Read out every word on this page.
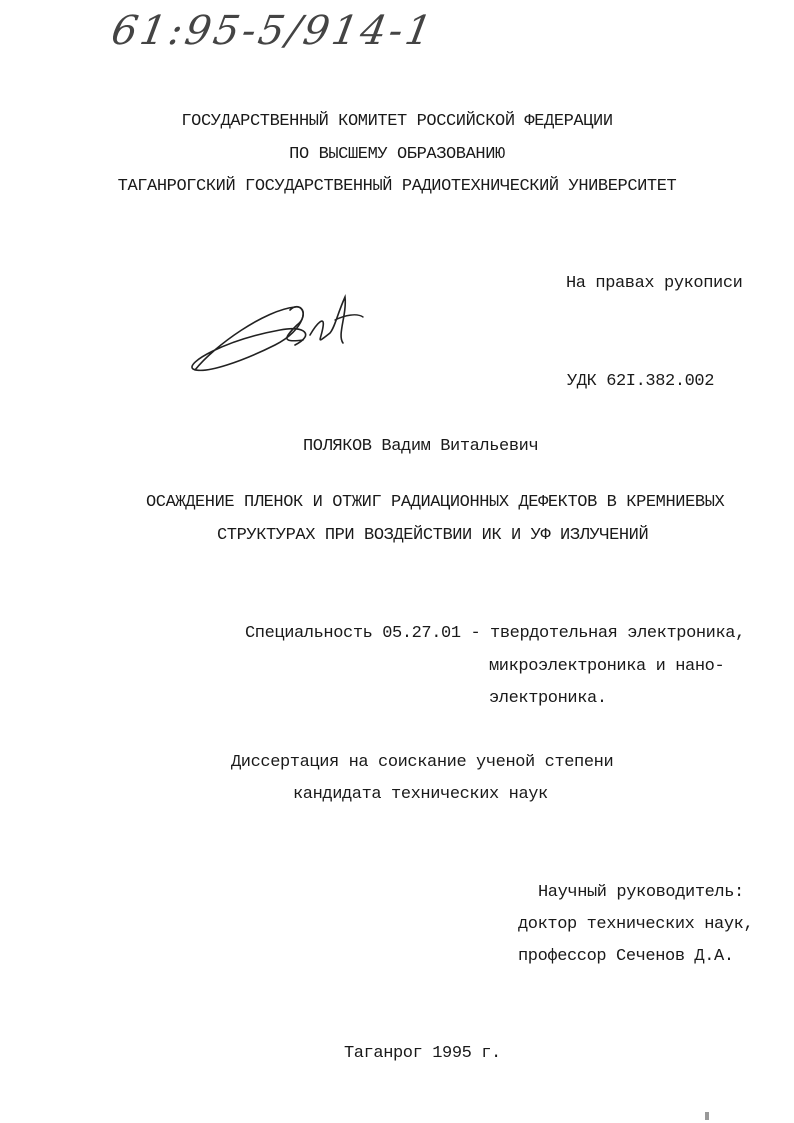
61:95-5/914-1
ГОСУДАРСТВЕННЫЙ КОМИТЕТ РОССИЙСКОЙ ФЕДЕРАЦИИ
ПО ВЫСШЕМУ ОБРАЗОВАНИЮ
ТАГАНРОГСКИЙ ГОСУДАРСТВЕННЫЙ РАДИОТЕХНИЧЕСКИЙ УНИВЕРСИТЕТ
На правах рукописи
УДК 62I.382.002
ПОЛЯКОВ Вадим Витальевич
ОСАЖДЕНИЕ ПЛЕНОК И ОТЖИГ РАДИАЦИОННЫХ ДЕФЕКТОВ В КРЕМНИЕВЫХ
СТРУКТУРАХ ПРИ ВОЗДЕЙСТВИИ ИК И УФ ИЗЛУЧЕНИЙ
Специальность 05.27.01 - твердотельная электроника,
микроэлектроника и нано-
электроника.
Диссертация на соискание ученой степени
кандидата технических наук
Научный руководитель:
доктор технических наук,
профессор Сеченов Д.А.
Таганрог 1995 г.
